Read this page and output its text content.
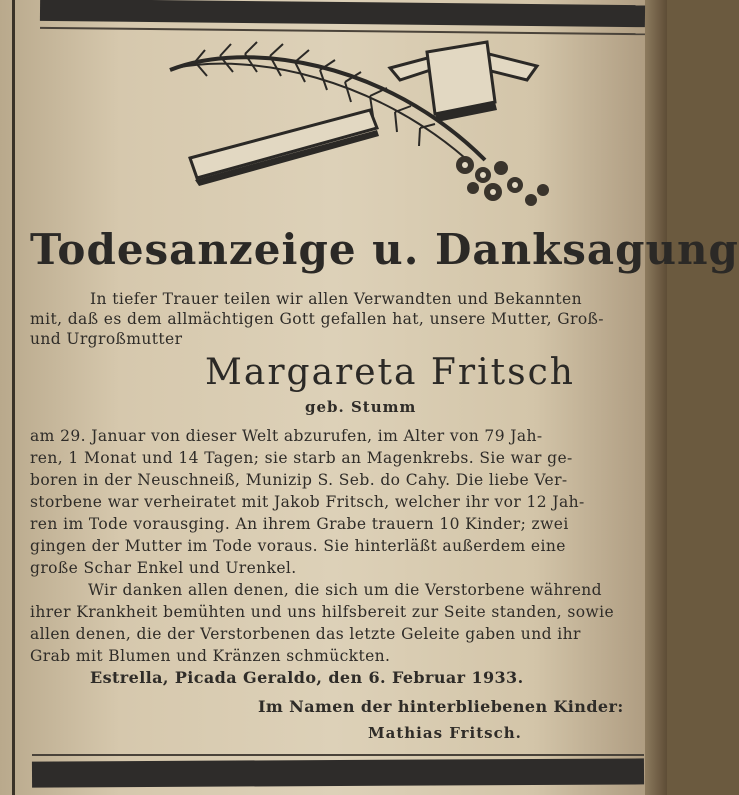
Todesanzeige u. Danksagung
In tiefer Trauer teilen wir allen Verwandten und Bekannten
mit, daß es dem allmächtigen Gott gefallen hat, unsere Mutter, Groß-
und Urgroßmutter
Margareta Fritsch
geb. Stumm
am 29. Januar von dieser Welt abzurufen, im Alter von 79 Jah-
ren, 1 Monat und 14 Tagen; sie starb an Magenkrebs. Sie war ge-
boren in der Neuschneiß, Munizip S. Seb. do Cahy. Die liebe Ver-
storbene war verheiratet mit Jakob Fritsch, welcher ihr vor 12 Jah-
ren im Tode vorausging. An ihrem Grabe trauern 10 Kinder; zwei
gingen der Mutter im Tode voraus. Sie hinterläßt außerdem eine
große Schar Enkel und Urenkel.
Wir danken allen denen, die sich um die Verstorbene während
ihrer Krankheit bemühten und uns hilfsbereit zur Seite standen, sowie
allen denen, die der Verstorbenen das letzte Geleite gaben und ihr
Grab mit Blumen und Kränzen schmückten.
Estrella, Picada Geraldo, den 6. Februar 1933.
Im Namen der hinterbliebenen Kinder:
Mathias Fritsch.
